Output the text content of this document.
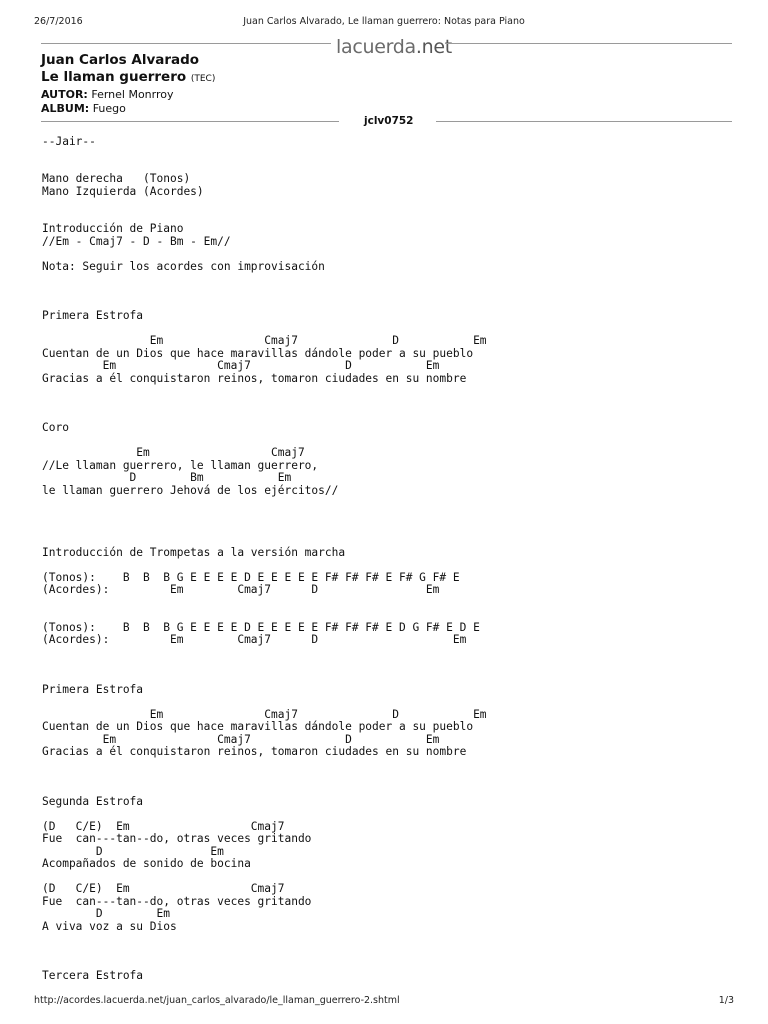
26/7/2016	Juan Carlos Alvarado, Le llaman guerrero: Notas para Piano
lacuerda.net
Juan Carlos Alvarado
Le llaman guerrero (TEC)
AUTOR: Fernel Monrroy
ALBUM: Fuego
jclv0752
--Jair--

Mano derecha   (Tonos)
Mano Izquierda (Acordes)

Introducción de Piano
//Em - Cmaj7 - D - Bm - Em//

Nota: Seguir los acordes con improvisación

Primera Estrofa

Em               Cmaj7              D           Em
Cuentan de un Dios que hace maravillas dándole poder a su pueblo
Em               Cmaj7              D           Em
Gracias a él conquistaron reinos, tomaron ciudades en su nombre

Coro

Em                  Cmaj7
//Le llaman guerrero, le llaman guerrero,
D        Bm           Em
le llaman guerrero Jehová de los ejércitos//

Introducción de Trompetas a la versión marcha

(Tonos):    B  B  B G E E E E D E E E E E F# F# F# E F# G F# E
(Acordes):         Em        Cmaj7      D                Em

(Tonos):    B  B  B G E E E E D E E E E E F# F# F# E D G F# E D E
(Acordes):         Em        Cmaj7      D                    Em

Primera Estrofa

Em               Cmaj7              D           Em
Cuentan de un Dios que hace maravillas dándole poder a su pueblo
Em               Cmaj7              D           Em
Gracias a él conquistaron reinos, tomaron ciudades en su nombre

Segunda Estrofa

(D   C/E)  Em                  Cmaj7
Fue  can---tan--do, otras veces gritando
D                Em
Acompañados de sonido de bocina

(D   C/E)  Em                  Cmaj7
Fue  can---tan--do, otras veces gritando
D        Em
A viva voz a su Dios

Tercera Estrofa

http://acordes.lacuerda.net/juan_carlos_alvarado/le_llaman_guerrero-2.shtml	1/3
